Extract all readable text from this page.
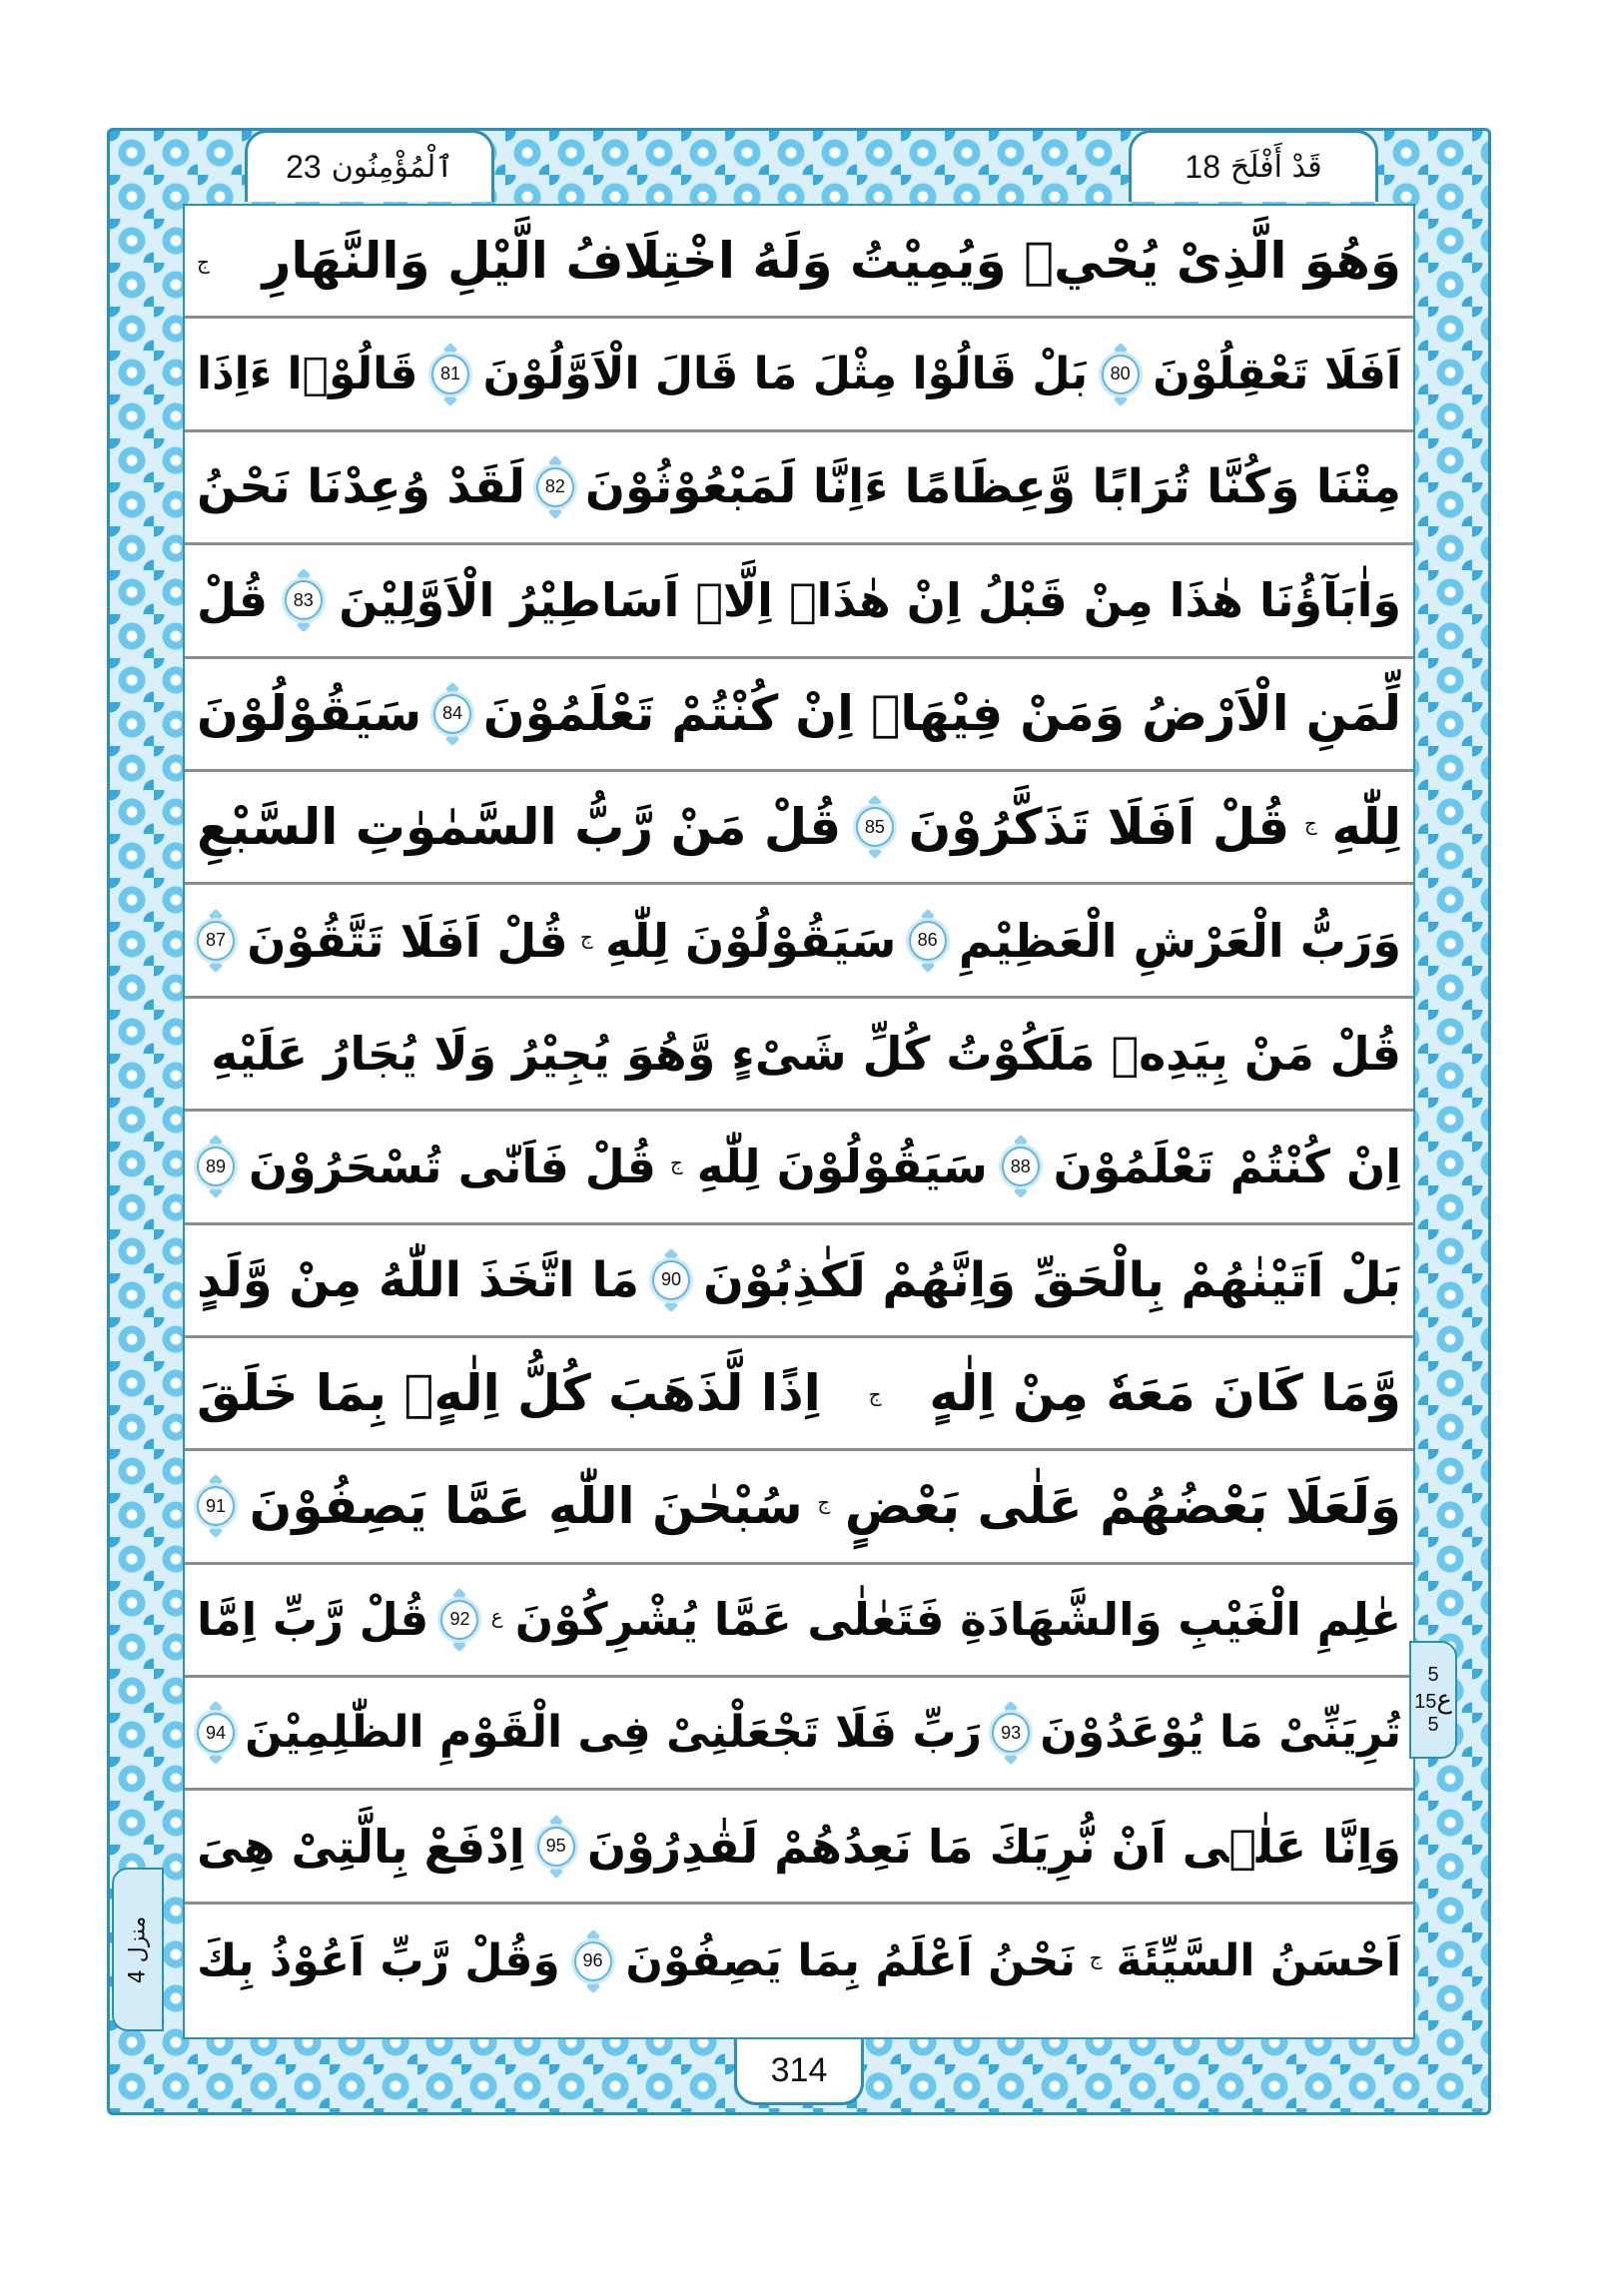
23 ٱلْمُؤْمِنُون	18 قَدْ أَفْلَحَ
وَهُوَ الَّذِىْ يُحْيٖ وَيُمِيْتُ وَلَهُ اخْتِلَافُ الَّيْلِ وَالنَّهَارِ
ج
اَفَلَا تَعْقِلُوْنَ
80
بَلْ قَالُوْا مِثْلَ مَا قَالَ الْاَوَّلُوْنَ
81
قَالُوْۤا ءَاِذَا
مِتْنَا وَكُنَّا تُرَابًا وَّعِظَامًا ءَاِنَّا لَمَبْعُوْثُوْنَ
82
لَقَدْ وُعِدْنَا نَحْنُ
وَاٰبَآؤُنَا هٰذَا مِنْ قَبْلُ اِنْ هٰذَاۤ اِلَّاۤ اَسَاطِيْرُ الْاَوَّلِيْنَ
83
قُلْ
لِّمَنِ الْاَرْضُ وَمَنْ فِيْهَاۤ اِنْ كُنْتُمْ تَعْلَمُوْنَ
84
سَيَقُوْلُوْنَ
لِلّٰهِ
ج
قُلْ اَفَلَا تَذَكَّرُوْنَ
85
قُلْ مَنْ رَّبُّ السَّمٰوٰتِ السَّبْعِ
وَرَبُّ الْعَرْشِ الْعَظِيْمِ
86
سَيَقُوْلُوْنَ لِلّٰهِ
ج
قُلْ اَفَلَا تَتَّقُوْنَ
87
قُلْ مَنْ بِيَدِهٖ مَلَكُوْتُ كُلِّ شَیْءٍ وَّهُوَ يُجِيْرُ وَلَا يُجَارُ عَلَيْهِ
اِنْ كُنْتُمْ تَعْلَمُوْنَ
88
سَيَقُوْلُوْنَ لِلّٰهِ
ج
قُلْ فَاَنّٰى تُسْحَرُوْنَ
89
بَلْ اَتَيْنٰهُمْ بِالْحَقِّ وَاِنَّهُمْ لَكٰذِبُوْنَ
90
مَا اتَّخَذَ اللّٰهُ مِنْ وَّلَدٍ
وَّمَا كَانَ مَعَهٗ مِنْ اِلٰهٍ
ج
اِذًا لَّذَهَبَ كُلُّ اِلٰهٍۭ بِمَا خَلَقَ
وَلَعَلَا بَعْضُهُمْ عَلٰى بَعْضٍ
ج
سُبْحٰنَ اللّٰهِ عَمَّا يَصِفُوْنَ
91
عٰلِمِ الْغَيْبِ وَالشَّهَادَةِ فَتَعٰلٰى عَمَّا يُشْرِكُوْنَ
ع
92
قُلْ رَّبِّ اِمَّا
تُرِيَنِّیْ مَا يُوْعَدُوْنَ
93
رَبِّ فَلَا تَجْعَلْنِیْ فِى الْقَوْمِ الظّٰلِمِيْنَ
94
وَاِنَّا عَلٰۤى اَنْ نُّرِيَكَ مَا نَعِدُهُمْ لَقٰدِرُوْنَ
95
اِدْفَعْ بِالَّتِیْ هِیَ
اَحْسَنُ السَّيِّئَةَ
ج
نَحْنُ اَعْلَمُ بِمَا يَصِفُوْنَ
96
وَقُلْ رَّبِّ اَعُوْذُ بِكَ
5
ع15
5
منزل 4
314
